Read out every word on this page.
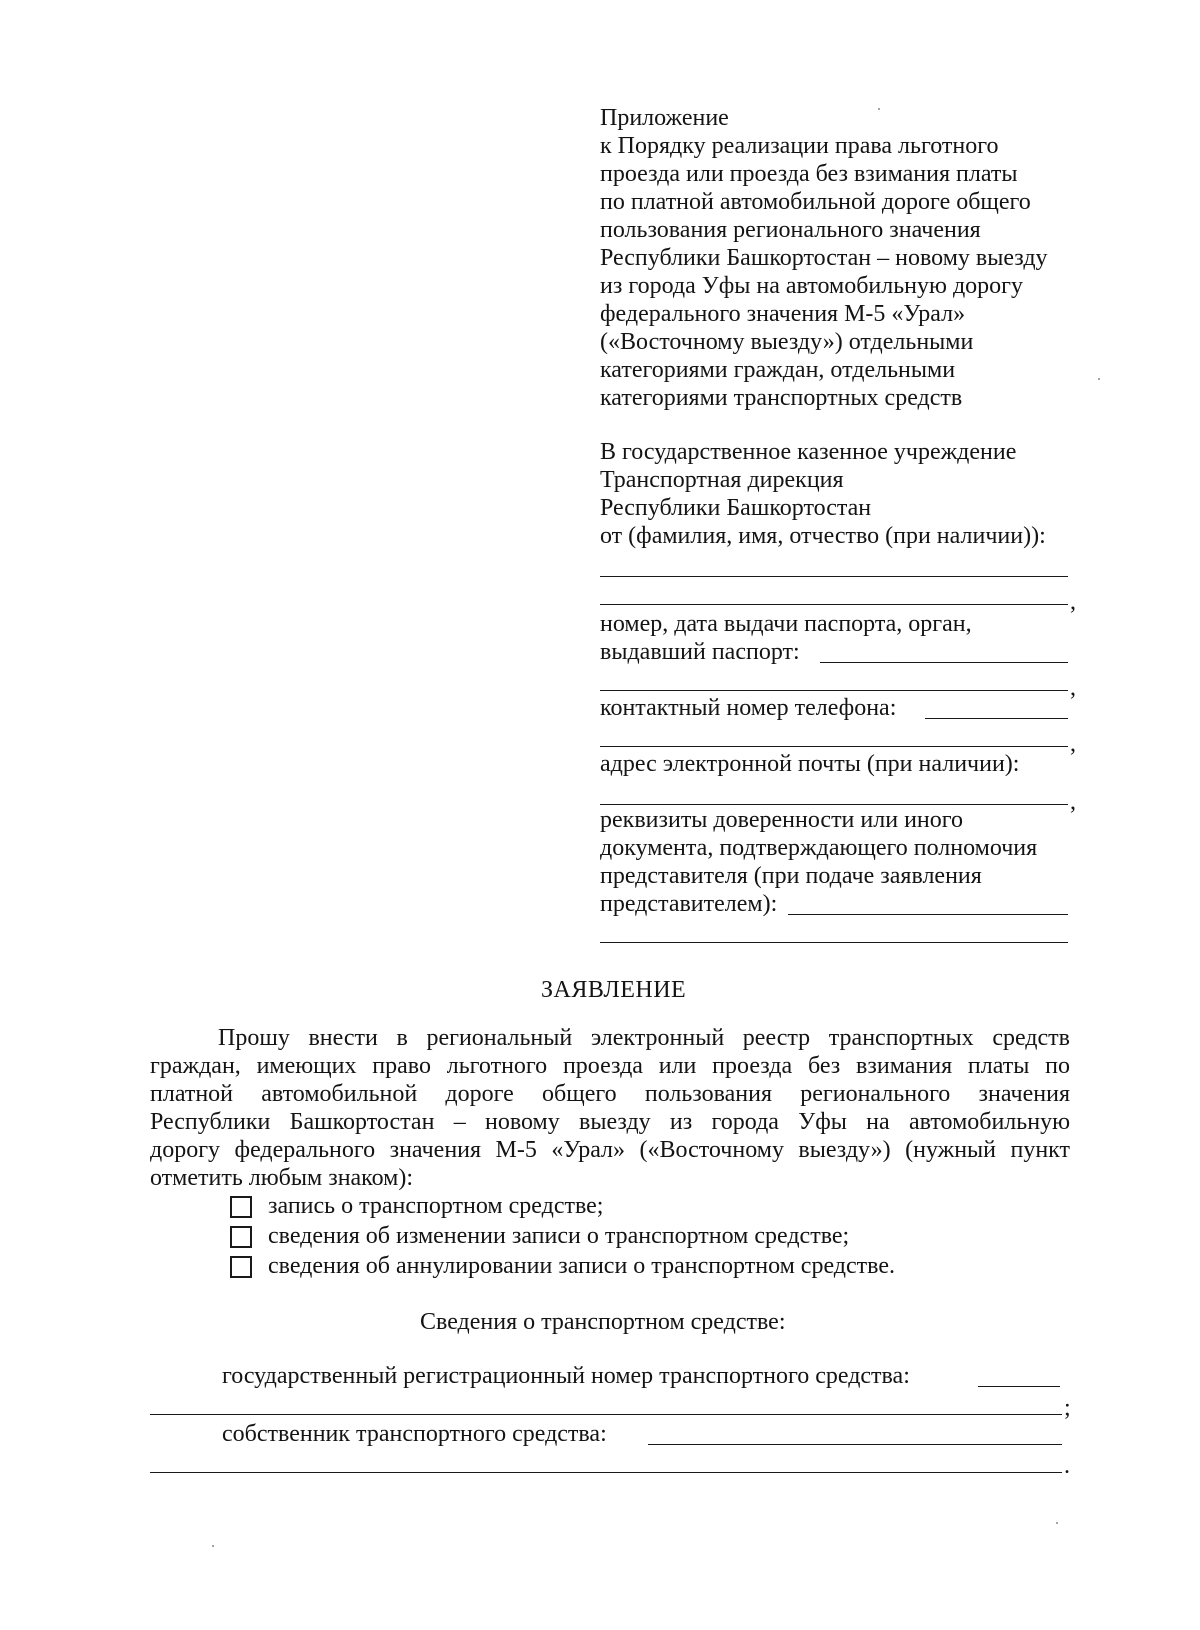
Приложение
к Порядку реализации права льготного
проезда или проезда без взимания платы
по платной автомобильной дороге общего
пользования регионального значения
Республики Башкортостан – новому выезду
из города Уфы на автомобильную дорогу
федерального значения М-5 «Урал»
(«Восточному выезду») отдельными
категориями граждан, отдельными
категориями транспортных средств
В государственное казенное учреждение
Транспортная дирекция
Республики Башкортостан
от (фамилия, имя, отчество (при наличии)):
,
номер, дата выдачи паспорта, орган,
выдавший паспорт:
,
контактный номер телефона:
,
адрес электронной почты (при наличии):
,
реквизиты доверенности или иного
документа, подтверждающего полномочия
представителя (при подаче заявления
представителем):
ЗАЯВЛЕНИЕ
Прошу внести в региональный электронный реестр транспортных средств
граждан, имеющих право льготного проезда или проезда без взимания платы по
платной автомобильной дороге общего пользования регионального значения
Республики Башкортостан – новому выезду из города Уфы на автомобильную
дорогу федерального значения М-5 «Урал» («Восточному выезду») (нужный пункт
отметить любым знаком):
запись о транспортном средстве;
сведения об изменении записи о транспортном средстве;
сведения об аннулировании записи о транспортном средстве.
Сведения о транспортном средстве:
государственный регистрационный номер транспортного средства:
;
собственник транспортного средства:
.
